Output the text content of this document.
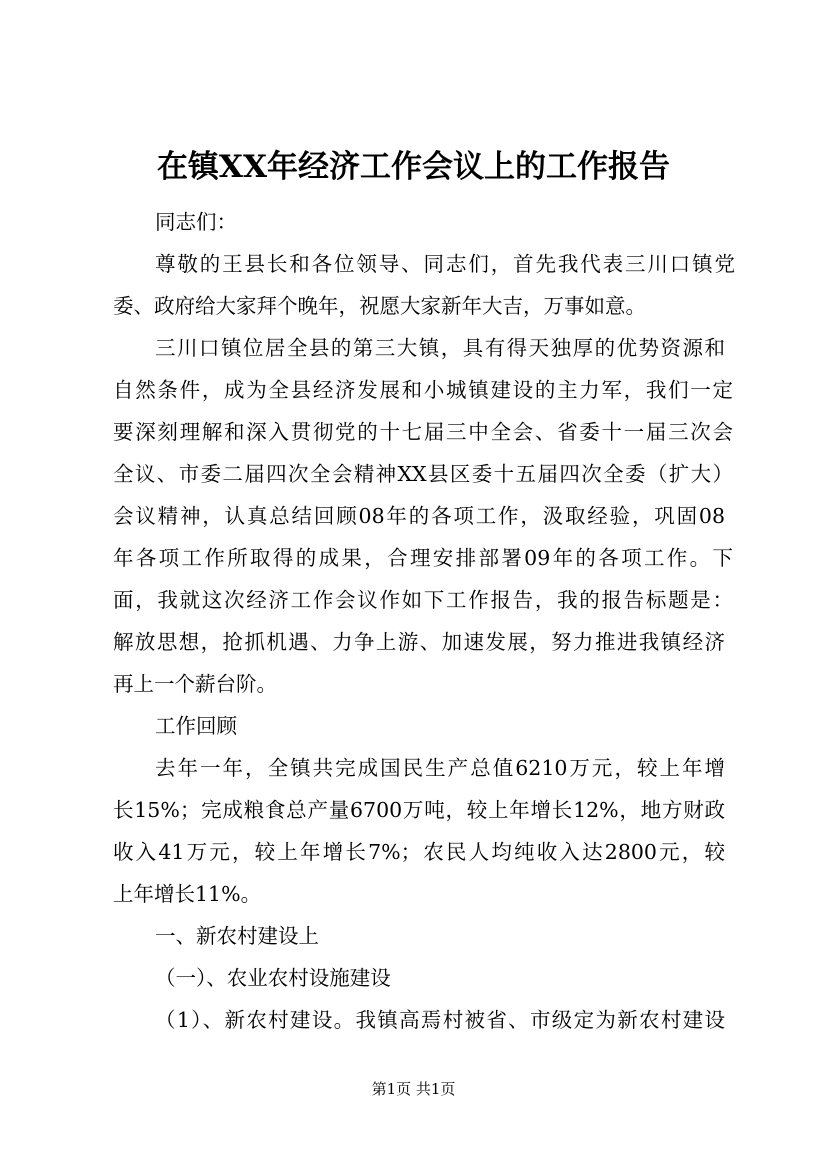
在镇XX年经济工作会议上的工作报告
同志们：
尊敬的王县长和各位领导、同志们，首先我代表三川口镇党
委、政府给大家拜个晚年，祝愿大家新年大吉，万事如意。
三川口镇位居全县的第三大镇，具有得天独厚的优势资源和
自然条件，成为全县经济发展和小城镇建设的主力军，我们一定
要深刻理解和深入贯彻党的十七届三中全会、省委十一届三次会
全议、市委二届四次全会精神XX县区委十五届四次全委（扩大）
会议精神，认真总结回顾08年的各项工作，汲取经验，巩固08
年各项工作所取得的成果，合理安排部署09年的各项工作。下
面，我就这次经济工作会议作如下工作报告，我的报告标题是：
解放思想，抢抓机遇、力争上游、加速发展，努力推进我镇经济
再上一个薪台阶。
工作回顾
去年一年，全镇共完成国民生产总值6210万元，较上年增
长15%；完成粮食总产量6700万吨，较上年增长12%，地方财政
收入41万元，较上年增长7%；农民人均纯收入达2800元，较
上年增长11%。
一、新农村建设上
（一）、农业农村设施建设
（1）、新农村建设。我镇高焉村被省、市级定为新农村建设
第1页 共1页
